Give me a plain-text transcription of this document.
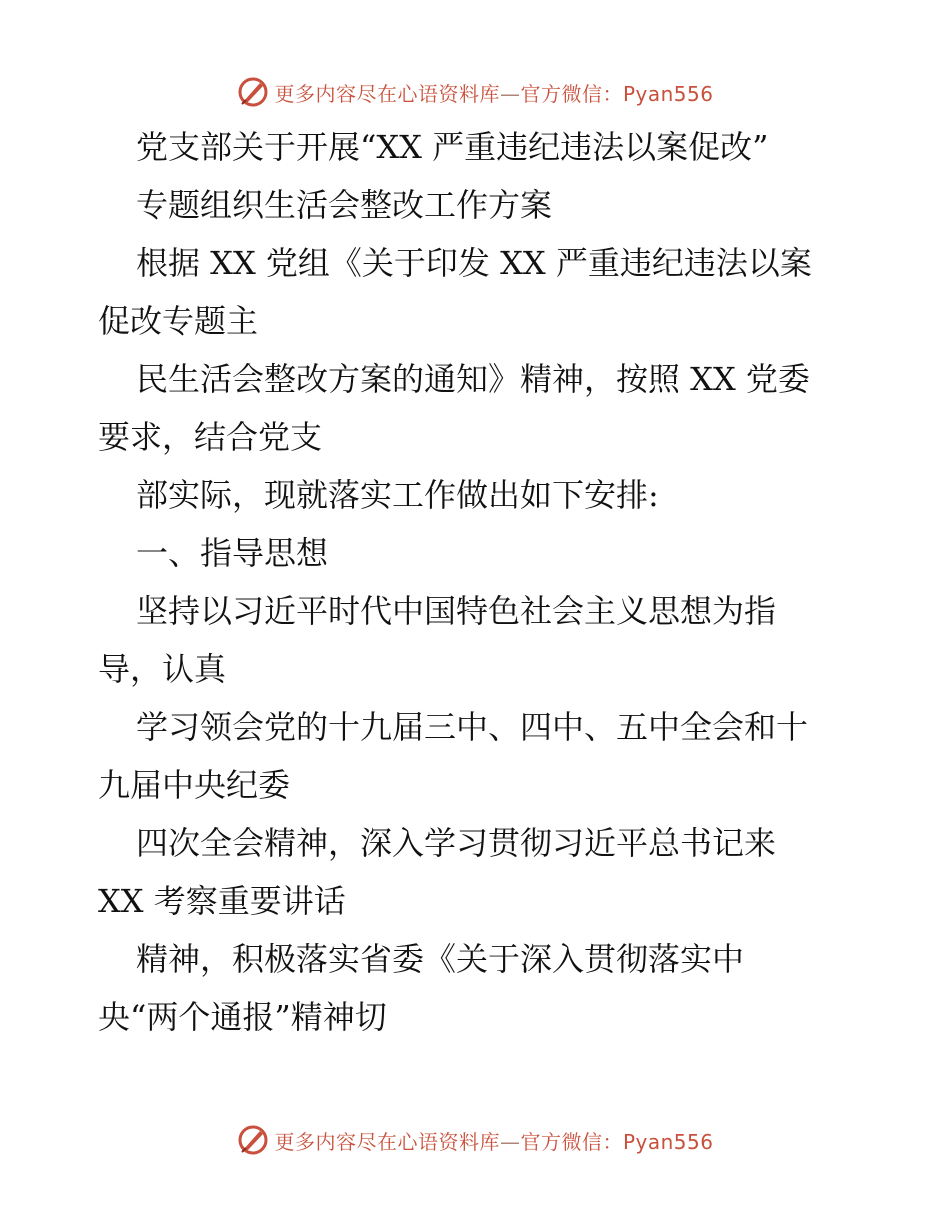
更多内容尽在心语资料库—官方微信：Pyan556
党支部关于开展“XX 严重违纪违法以案促改”
专题组织生活会整改工作方案
根据 XX 党组《关于印发 XX 严重违纪违法以案
促改专题主
民生活会整改方案的通知》精神，按照 XX 党委
要求，结合党支
部实际，现就落实工作做出如下安排:
一、指导思想
坚持以习近平时代中国特色社会主义思想为指
导，认真
学习领会党的十九届三中、四中、五中全会和十
九届中央纪委
四次全会精神，深入学习贯彻习近平总书记来
XX 考察重要讲话
精神，积极落实省委《关于深入贯彻落实中
央“两个通报”精神切
更多内容尽在心语资料库—官方微信：Pyan556
